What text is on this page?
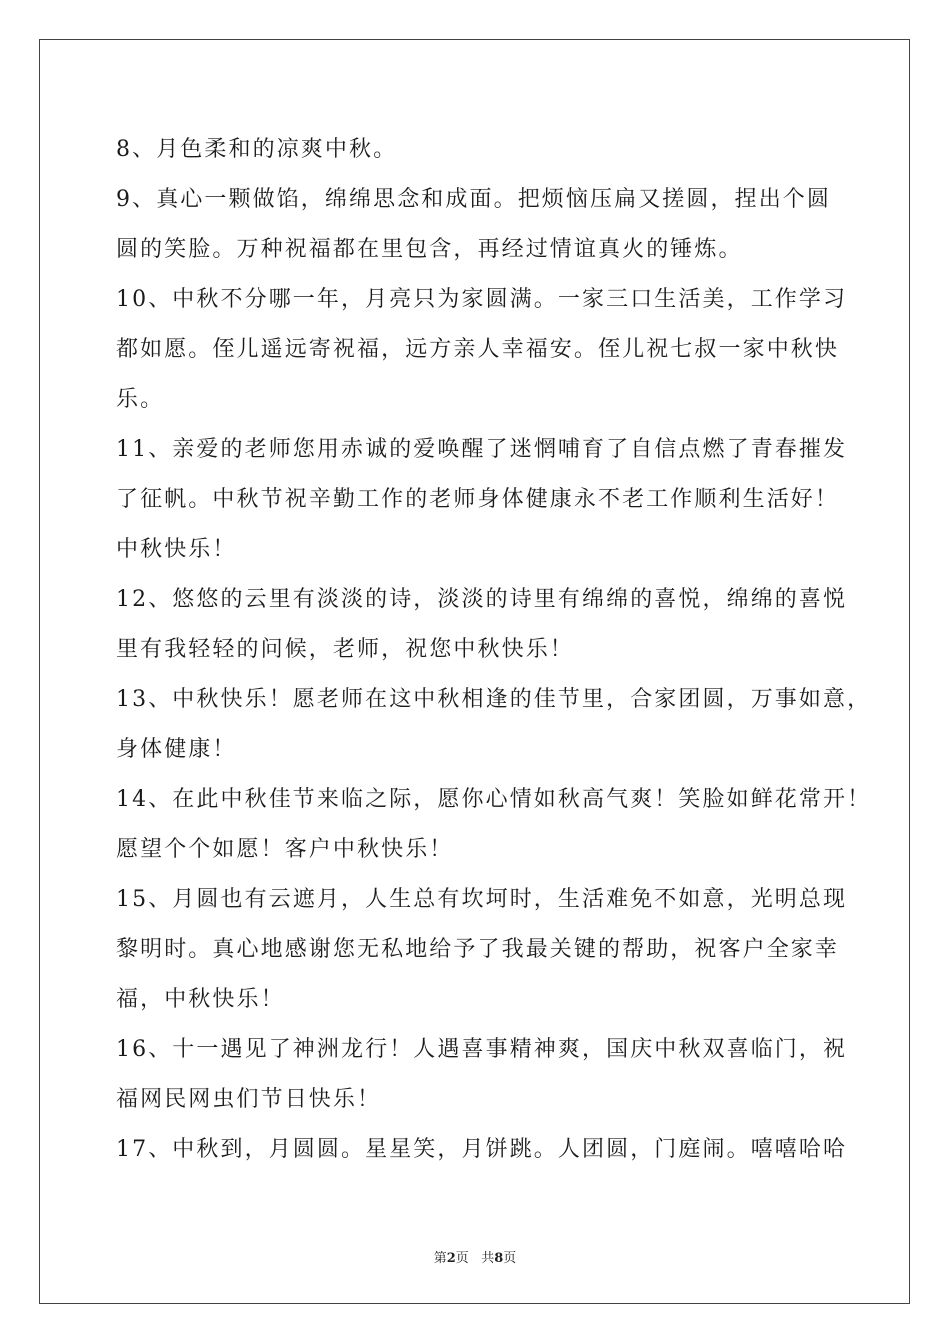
8、月色柔和的凉爽中秋。
9、真心一颗做馅，绵绵思念和成面。把烦恼压扁又搓圆，捏出个圆
圆的笑脸。万种祝福都在里包含，再经过情谊真火的锤炼。
10、中秋不分哪一年，月亮只为家圆满。一家三口生活美，工作学习
都如愿。侄儿遥远寄祝福，远方亲人幸福安。侄儿祝七叔一家中秋快
乐。
11、亲爱的老师您用赤诚的爱唤醒了迷惘哺育了自信点燃了青春摧发
了征帆。中秋节祝辛勤工作的老师身体健康永不老工作顺利生活好！
中秋快乐！
12、悠悠的云里有淡淡的诗，淡淡的诗里有绵绵的喜悦，绵绵的喜悦
里有我轻轻的问候，老师，祝您中秋快乐！
13、中秋快乐！愿老师在这中秋相逢的佳节里，合家团圆，万事如意，
身体健康！
14、在此中秋佳节来临之际，愿你心情如秋高气爽！笑脸如鲜花常开！
愿望个个如愿！客户中秋快乐！
15、月圆也有云遮月，人生总有坎坷时，生活难免不如意，光明总现
黎明时。真心地感谢您无私地给予了我最关键的帮助，祝客户全家幸
福，中秋快乐！
16、十一遇见了神洲龙行！人遇喜事精神爽，国庆中秋双喜临门，祝
福网民网虫们节日快乐！
17、中秋到，月圆圆。星星笑，月饼跳。人团圆，门庭闹。嘻嘻哈哈
第2页 共8页
